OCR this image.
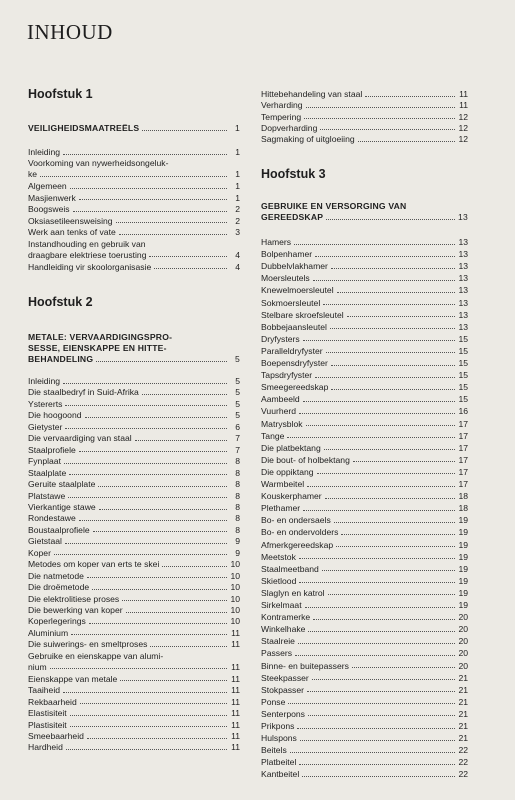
INHOUD
Hoofstuk 1
VEILIGHEIDSMAATREËLS	1
Inleiding	1
Voorkoming van nywerheidsongeluk-
ke	1
Algemeen	1
Masjienwerk	1
Boogsweis	2
Oksiasetileensweising	2
Werk aan tenks of vate	3
Instandhouding en gebruik van
draagbare elektriese toerusting	4
Handleiding vir skoolorganisasie	4
Hoofstuk 2
METALE: VERVAARDIGINGSPRO-
SESSE, EIENSKAPPE EN HITTE-
BEHANDELING	5
Inleiding	5
Die staalbedryf in Suid-Afrika	5
Ystererts	5
Die hoogoond	5
Gietyster	6
Die vervaardiging van staal	7
Staalprofiele	7
Fynplaat	8
Staalplate	8
Geruite staalplate	8
Platstawe	8
Vierkantige stawe	8
Rondestawe	8
Boustaalprofiele	8
Gietstaal	9
Koper	9
Metodes om koper van erts te skei	10
Die natmetode	10
Die droëmetode	10
Die elektrolitiese proses	10
Die bewerking van koper	10
Koperlegerings	10
Aluminium	11
Die suiwerings- en smeltproses	11
Gebruike en eienskappe van alumi-
nium	11
Eienskappe van metale	11
Taaiheid	11
Rekbaarheid	11
Elastisiteit	11
Plastisiteit	11
Smeebaarheid	11
Hardheid	11
Hittebehandeling van staal	11
Verharding	11
Tempering	12
Dopverharding	12
Sagmaking of uitgloeiing	12
Hoofstuk 3
GEBRUIKE EN VERSORGING VAN
GEREEDSKAP	13
Hamers	13
Bolpenhamer	13
Dubbelvlakhamer	13
Moersleutels	13
Knewelmoersleutel	13
Sokmoersleutel	13
Stelbare skroefsleutel	13
Bobbejaansleutel	13
Dryfysters	15
Paralleldryfyster	15
Boepensdryfyster	15
Tapsdryfyster	15
Smeegereedskap	15
Aambeeld	15
Vuurherd	16
Matrysblok	17
Tange	17
Die platbektang	17
Die bout- of holbektang	17
Die oppiktang	17
Warmbeitel	17
Kouskerphamer	18
Plethamer	18
Bo- en ondersaels	19
Bo- en ondervolders	19
Afmerkgereedskap	19
Meetstok	19
Staalmeetband	19
Skietlood	19
Slaglyn en katrol	19
Sirkelmaat	19
Kontramerke	20
Winkelhake	20
Staalreie	20
Passers	20
Binne- en buitepassers	20
Steekpasser	21
Stokpasser	21
Ponse	21
Senterpons	21
Prikpons	21
Hulspons	21
Beitels	22
Platbeitel	22
Kantbeitel	22
